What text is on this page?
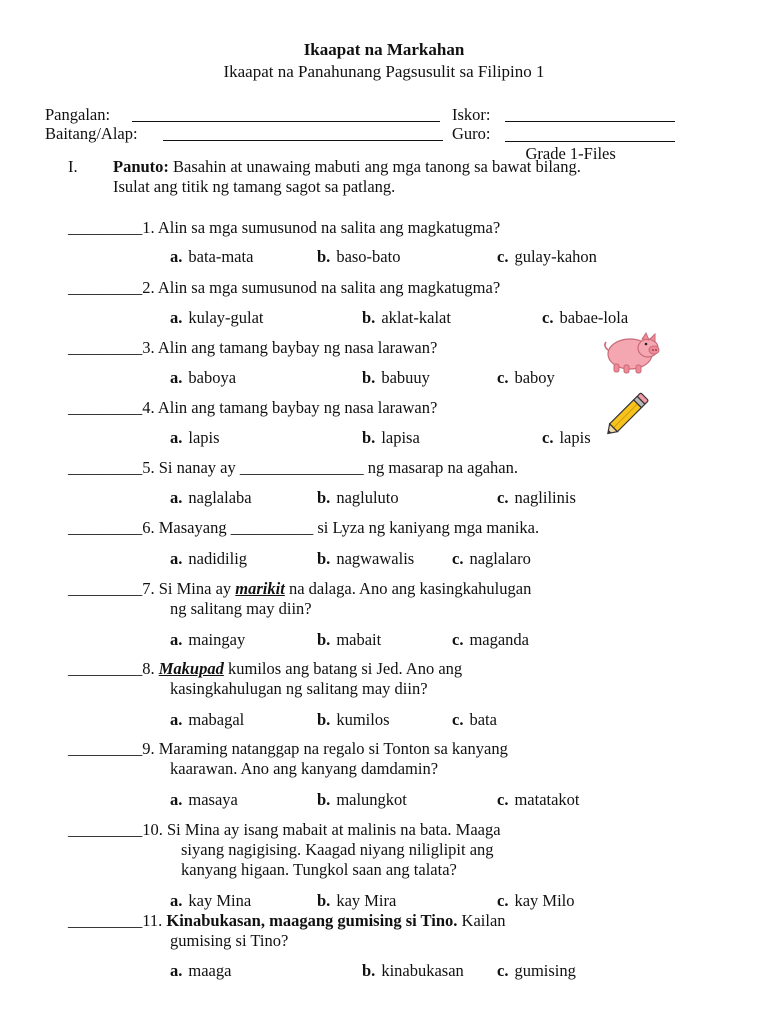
Ikaapat na Markahan
Ikaapat na Panahunang Pagsusulit sa Filipino 1
Pangalan:	Iskor:
Baitang/Alap:	Guro:

Grade 1-Files

I. Panuto: Basahin at unawaing mabuti ang mga tanong sa bawat bilang.
Isulat ang titik ng tamang sagot sa patlang.
_________1. Alin sa mga sumusunod na salita ang magkatugma?
a. bata-mata	b. baso-bato	c. gulay-kahon
_________2. Alin sa mga sumusunod na salita ang magkatugma?
a. kulay-gulat	b. aklat-kalat	c. babae-lola
_________3. Alin ang tamang baybay ng nasa larawan?
a. baboya	b. babuuy	c. baboy
_________4. Alin ang tamang baybay ng nasa larawan?
a. lapis	b. lapisa	c. lapis
_________5. Si nanay ay _______________ ng masarap na agahan.
a. naglalaba	b. nagluluto	c. naglilinis
_________6. Masayang __________ si Lyza ng kaniyang mga manika.
a. nadidilig	b. nagwawalis c. naglalaro
_________7. Si Mina ay marikit na dalaga. Ano ang kasingkahulugan
ng salitang may diin?
a. maingay	b. mabait	c. maganda
_________8. Makupad kumilos ang batang si Jed. Ano ang
kasingkahulugan ng salitang may diin?
a. mabagal	b. kumilos	c. bata
_________9. Maraming natanggap na regalo si Tonton sa kanyang
kaarawan. Ano ang kanyang damdamin?
a. masaya	b. malungkot	c. matatakot
_________10. Si Mina ay isang mabait at malinis na bata. Maaga
siyang nagigising. Kaagad niyang niliglipit ang
kanyang higaan. Tungkol saan ang talata?
a. kay Mina	b. kay Mira	c. kay Milo
_________11. Kinabukasan, maagang gumising si Tino. Kailan
gumising si Tino?
a. maaga	b. kinabukasan c. gumising
